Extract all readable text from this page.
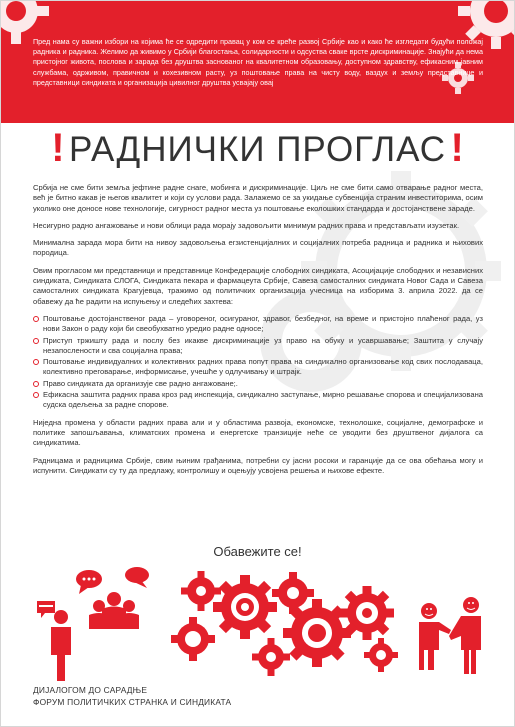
Пред нама су важни избори на којима ће се одредити правац у ком се креће развој Србије као и како ће изгледати будући положај радника и радника. Желимо да живимо у Србији благостања, солидарности и одсуства сваке врсте дискриминације. Знајући да нема пристојног живота, послова и зарада без друштва заснованог на квалитетном образовању, доступном здравству, ефикасним јавним службама, одрживом, правичном и кохезивном расту, уз поштовање права на чисту воду, ваздух и земљу представнице и представници синдиката и организација цивилног друштва усвајају овај
! РАДНИЧКИ ПРОГЛАС !

Србија не сме бити земља јефтине радне снаге, мобинга и дискриминације. Циљ не сме бити само отварање радног места, већ је битно какав је његов квалитет и који су услови рада. Залажемо се за укидање субвенција страним инвеститорима, осим уколико оне доносе нове технологије, сигурност радног места уз поштовање еколошких стандарда и достојанствене зараде.

Несигурно радно ангажовање и нови облици рада морају задовољити минимум радних права и представљати изузетак.

Минимална зарада мора бити на нивоу задовољења егзистенцијалних и социјалних потреба радница и радника и њихових породица.

Овим прогласом ми представници и представнице Конфедерације слободних синдиката, Асоцијације слободних и независних синдиката, Синдиката СЛОГА, Синдиката пекара и фармацеута Србије, Савеза самосталних синдиката Новог Сада и Савеза самосталних синдиката Крагујевца, тражимо од политичких организација учесница на изборима 3. априла 2022. да се обавежу да ће радити на испуњењу и следећих захтева:

Поштовање достојанственог рада – уговореног, осигураног, здравог, безбедног, на време и пристојно плаћеног рада, уз нови Закон о раду који би свеобухватно уредио радне односе;
Приступ тржишту рада и послу без икакве дискриминације уз право на обуку и усавршавање; Заштита у случају незапослености и сва социјална права;
Поштовање индивидуалних и колективних радних права попут права на синдикално организовање код свих послодаваца, колективно преговарање, информисање, учешће у одлучивању и штрајк.
Право синдиката да организује све радно ангажоване;.
Ефикасна заштита радних права кроз рад инспекција, синдикално заступање, мирно решавање спорова и специјализована судска одељења за радне спорове.

Ниједна промена у области радних права али и у областима развоја, економске, технолошке, социјалне, демографске и политике запошљавања, климатских промена и енергетске транзиције неће се уводити без друштвеног дијалога са синдикатима.

Радницама и радницима Србије, свим њиним грађанима, потребни су јасни росоки и гаранције да се ова обећања могу и испунити. Синдикати су ту да предлажу, контролишу и оцењују усвојена решења и њихове ефекте.

Обавежите се!
ДИЈАЛОГОМ ДО САРАДЊЕ
ФОРУМ ПОЛИТИЧКИХ СТРАНКА И СИНДИКАТА
